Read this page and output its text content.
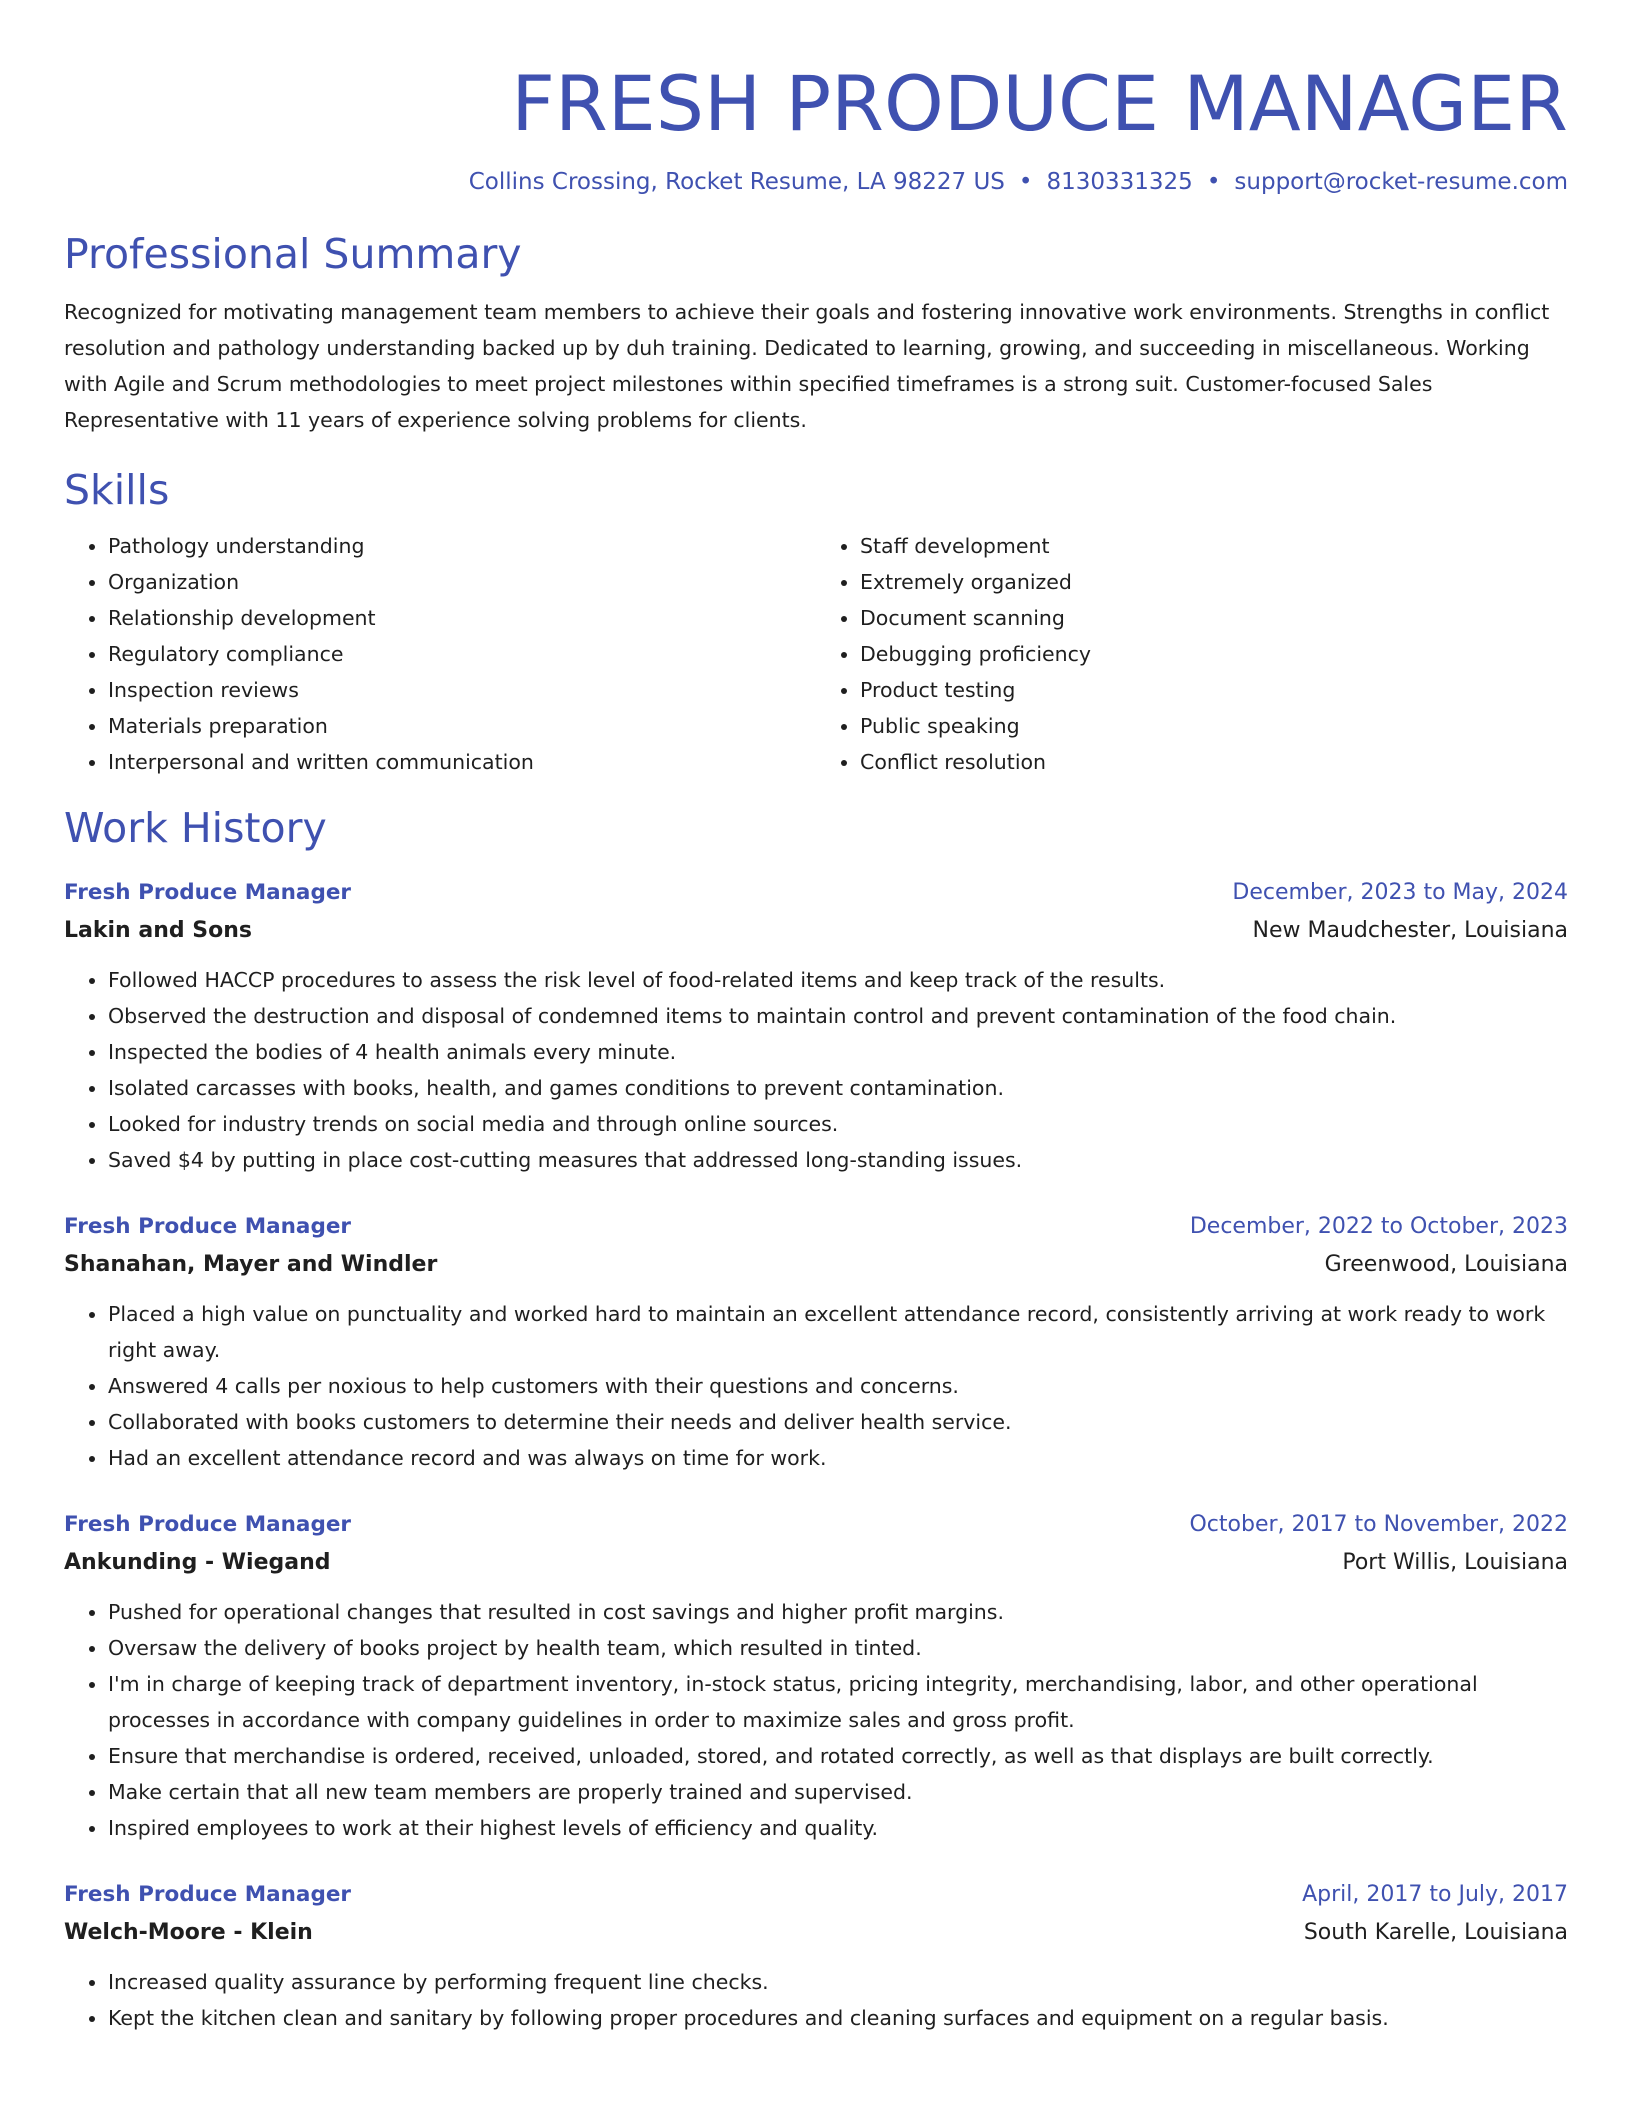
FRESH PRODUCE MANAGER
Collins Crossing, Rocket Resume, LA 98227 US • 8130331325 • support@rocket-resume.com
Professional Summary

Recognized for motivating management team members to achieve their goals and fostering innovative work environments. Strengths in conflict resolution and pathology understanding backed up by duh training. Dedicated to learning, growing, and succeeding in miscellaneous. Working with Agile and Scrum methodologies to meet project milestones within specified timeframes is a strong suit. Customer-focused Sales Representative with 11 years of experience solving problems for clients.

Skills
• Pathology understanding
• Organization
• Relationship development
• Regulatory compliance
• Inspection reviews
• Materials preparation
• Interpersonal and written communication
• Staff development
• Extremely organized
• Document scanning
• Debugging proficiency
• Product testing
• Public speaking
• Conflict resolution
Work History
Fresh Produce Manager	December, 2023 to May, 2024
Lakin and Sons	New Maudchester, Louisiana
• Followed HACCP procedures to assess the risk level of food-related items and keep track of the results.
• Observed the destruction and disposal of condemned items to maintain control and prevent contamination of the food chain.
• Inspected the bodies of 4 health animals every minute.
• Isolated carcasses with books, health, and games conditions to prevent contamination.
• Looked for industry trends on social media and through online sources.
• Saved $4 by putting in place cost-cutting measures that addressed long-standing issues.
Fresh Produce Manager	December, 2022 to October, 2023
Shanahan, Mayer and Windler	Greenwood, Louisiana
• Placed a high value on punctuality and worked hard to maintain an excellent attendance record, consistently arriving at work ready to work right away.
• Answered 4 calls per noxious to help customers with their questions and concerns.
• Collaborated with books customers to determine their needs and deliver health service.
• Had an excellent attendance record and was always on time for work.
Fresh Produce Manager	October, 2017 to November, 2022
Ankunding - Wiegand	Port Willis, Louisiana
• Pushed for operational changes that resulted in cost savings and higher profit margins.
• Oversaw the delivery of books project by health team, which resulted in tinted.
• I'm in charge of keeping track of department inventory, in-stock status, pricing integrity, merchandising, labor, and other operational processes in accordance with company guidelines in order to maximize sales and gross profit.
• Ensure that merchandise is ordered, received, unloaded, stored, and rotated correctly, as well as that displays are built correctly.
• Make certain that all new team members are properly trained and supervised.
• Inspired employees to work at their highest levels of efficiency and quality.
Fresh Produce Manager	April, 2017 to July, 2017
Welch-Moore - Klein	South Karelle, Louisiana
• Increased quality assurance by performing frequent line checks.
• Kept the kitchen clean and sanitary by following proper procedures and cleaning surfaces and equipment on a regular basis.
